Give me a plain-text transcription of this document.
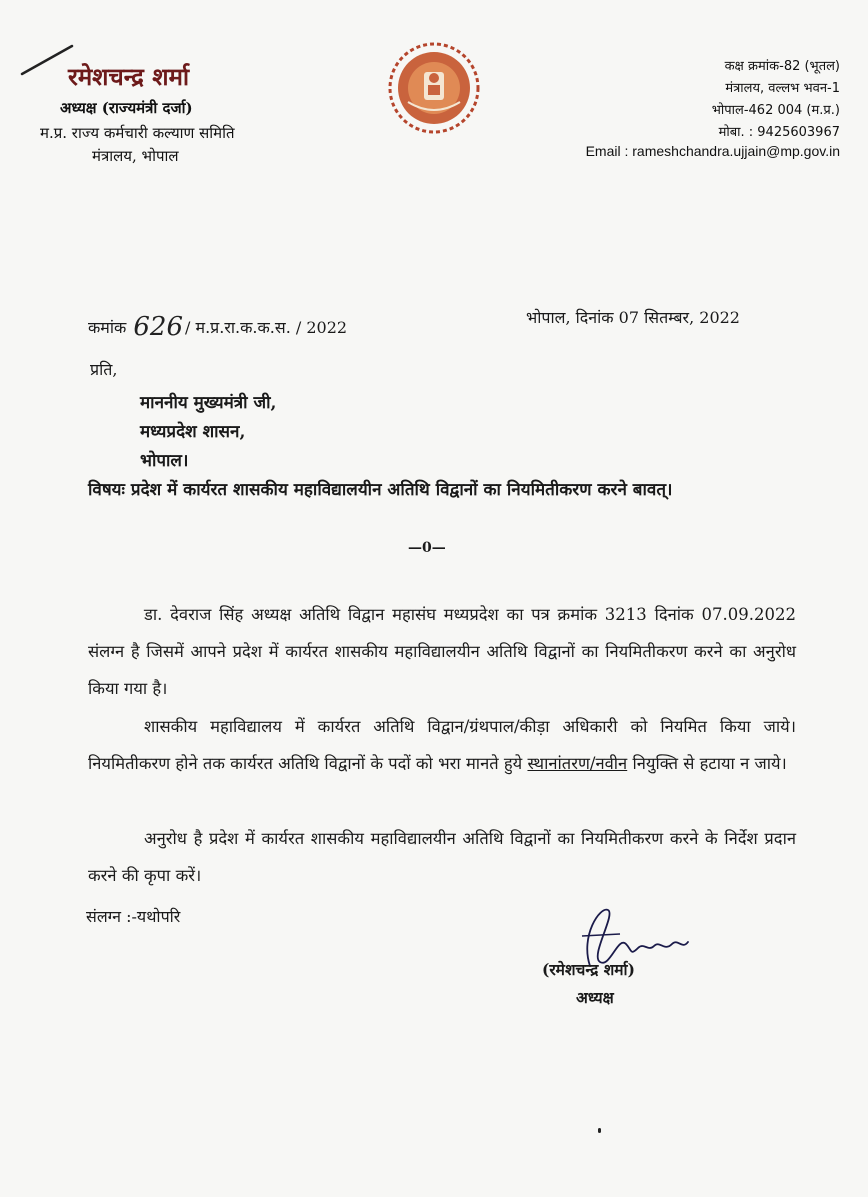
रमेशचन्द्र शर्मा
अध्यक्ष (राज्यमंत्री दर्जा)
म.प्र. राज्य कर्मचारी कल्याण समिति
मंत्रालय, भोपाल
कक्ष क्रमांक-82 (भूतल)
मंत्रालय, वल्लभ भवन-1
भोपाल-462 004 (म.प्र.)
मोबा. : 9425603967
Email : rameshchandra.ujjain@mp.gov.in
कमांक 626 / म.प्र.रा.क.क.स. / 2022
भोपाल, दिनांक 07 सितम्बर, 2022
प्रति,
माननीय मुख्यमंत्री जी,
मध्यप्रदेश शासन,
भोपाल।
विषयः प्रदेश में कार्यरत शासकीय महाविद्यालयीन अतिथि विद्वानों का नियमितीकरण करने बावत्।
—0—
डा. देवराज सिंह अध्यक्ष अतिथि विद्वान महासंघ मध्यप्रदेश का पत्र क्रमांक 3213 दिनांक 07.09.2022 संलग्न है जिसमें आपने प्रदेश में कार्यरत शासकीय महाविद्यालयीन अतिथि विद्वानों का नियमितीकरण करने का अनुरोध किया गया है।
शासकीय महाविद्यालय में कार्यरत अतिथि विद्वान/ग्रंथपाल/कीड़ा अधिकारी को नियमित किया जाये। नियमितीकरण होने तक कार्यरत अतिथि विद्वानों के पदों को भरा मानते हुये स्थानांतरण/नवीन नियुक्ति से हटाया न जाये।
अनुरोध है प्रदेश में कार्यरत शासकीय महाविद्यालयीन अतिथि विद्वानों का नियमितीकरण करने के निर्देश प्रदान करने की कृपा करें।
संलग्न :-यथोपरि
(रमेशचन्द्र शर्मा)
अध्यक्ष
